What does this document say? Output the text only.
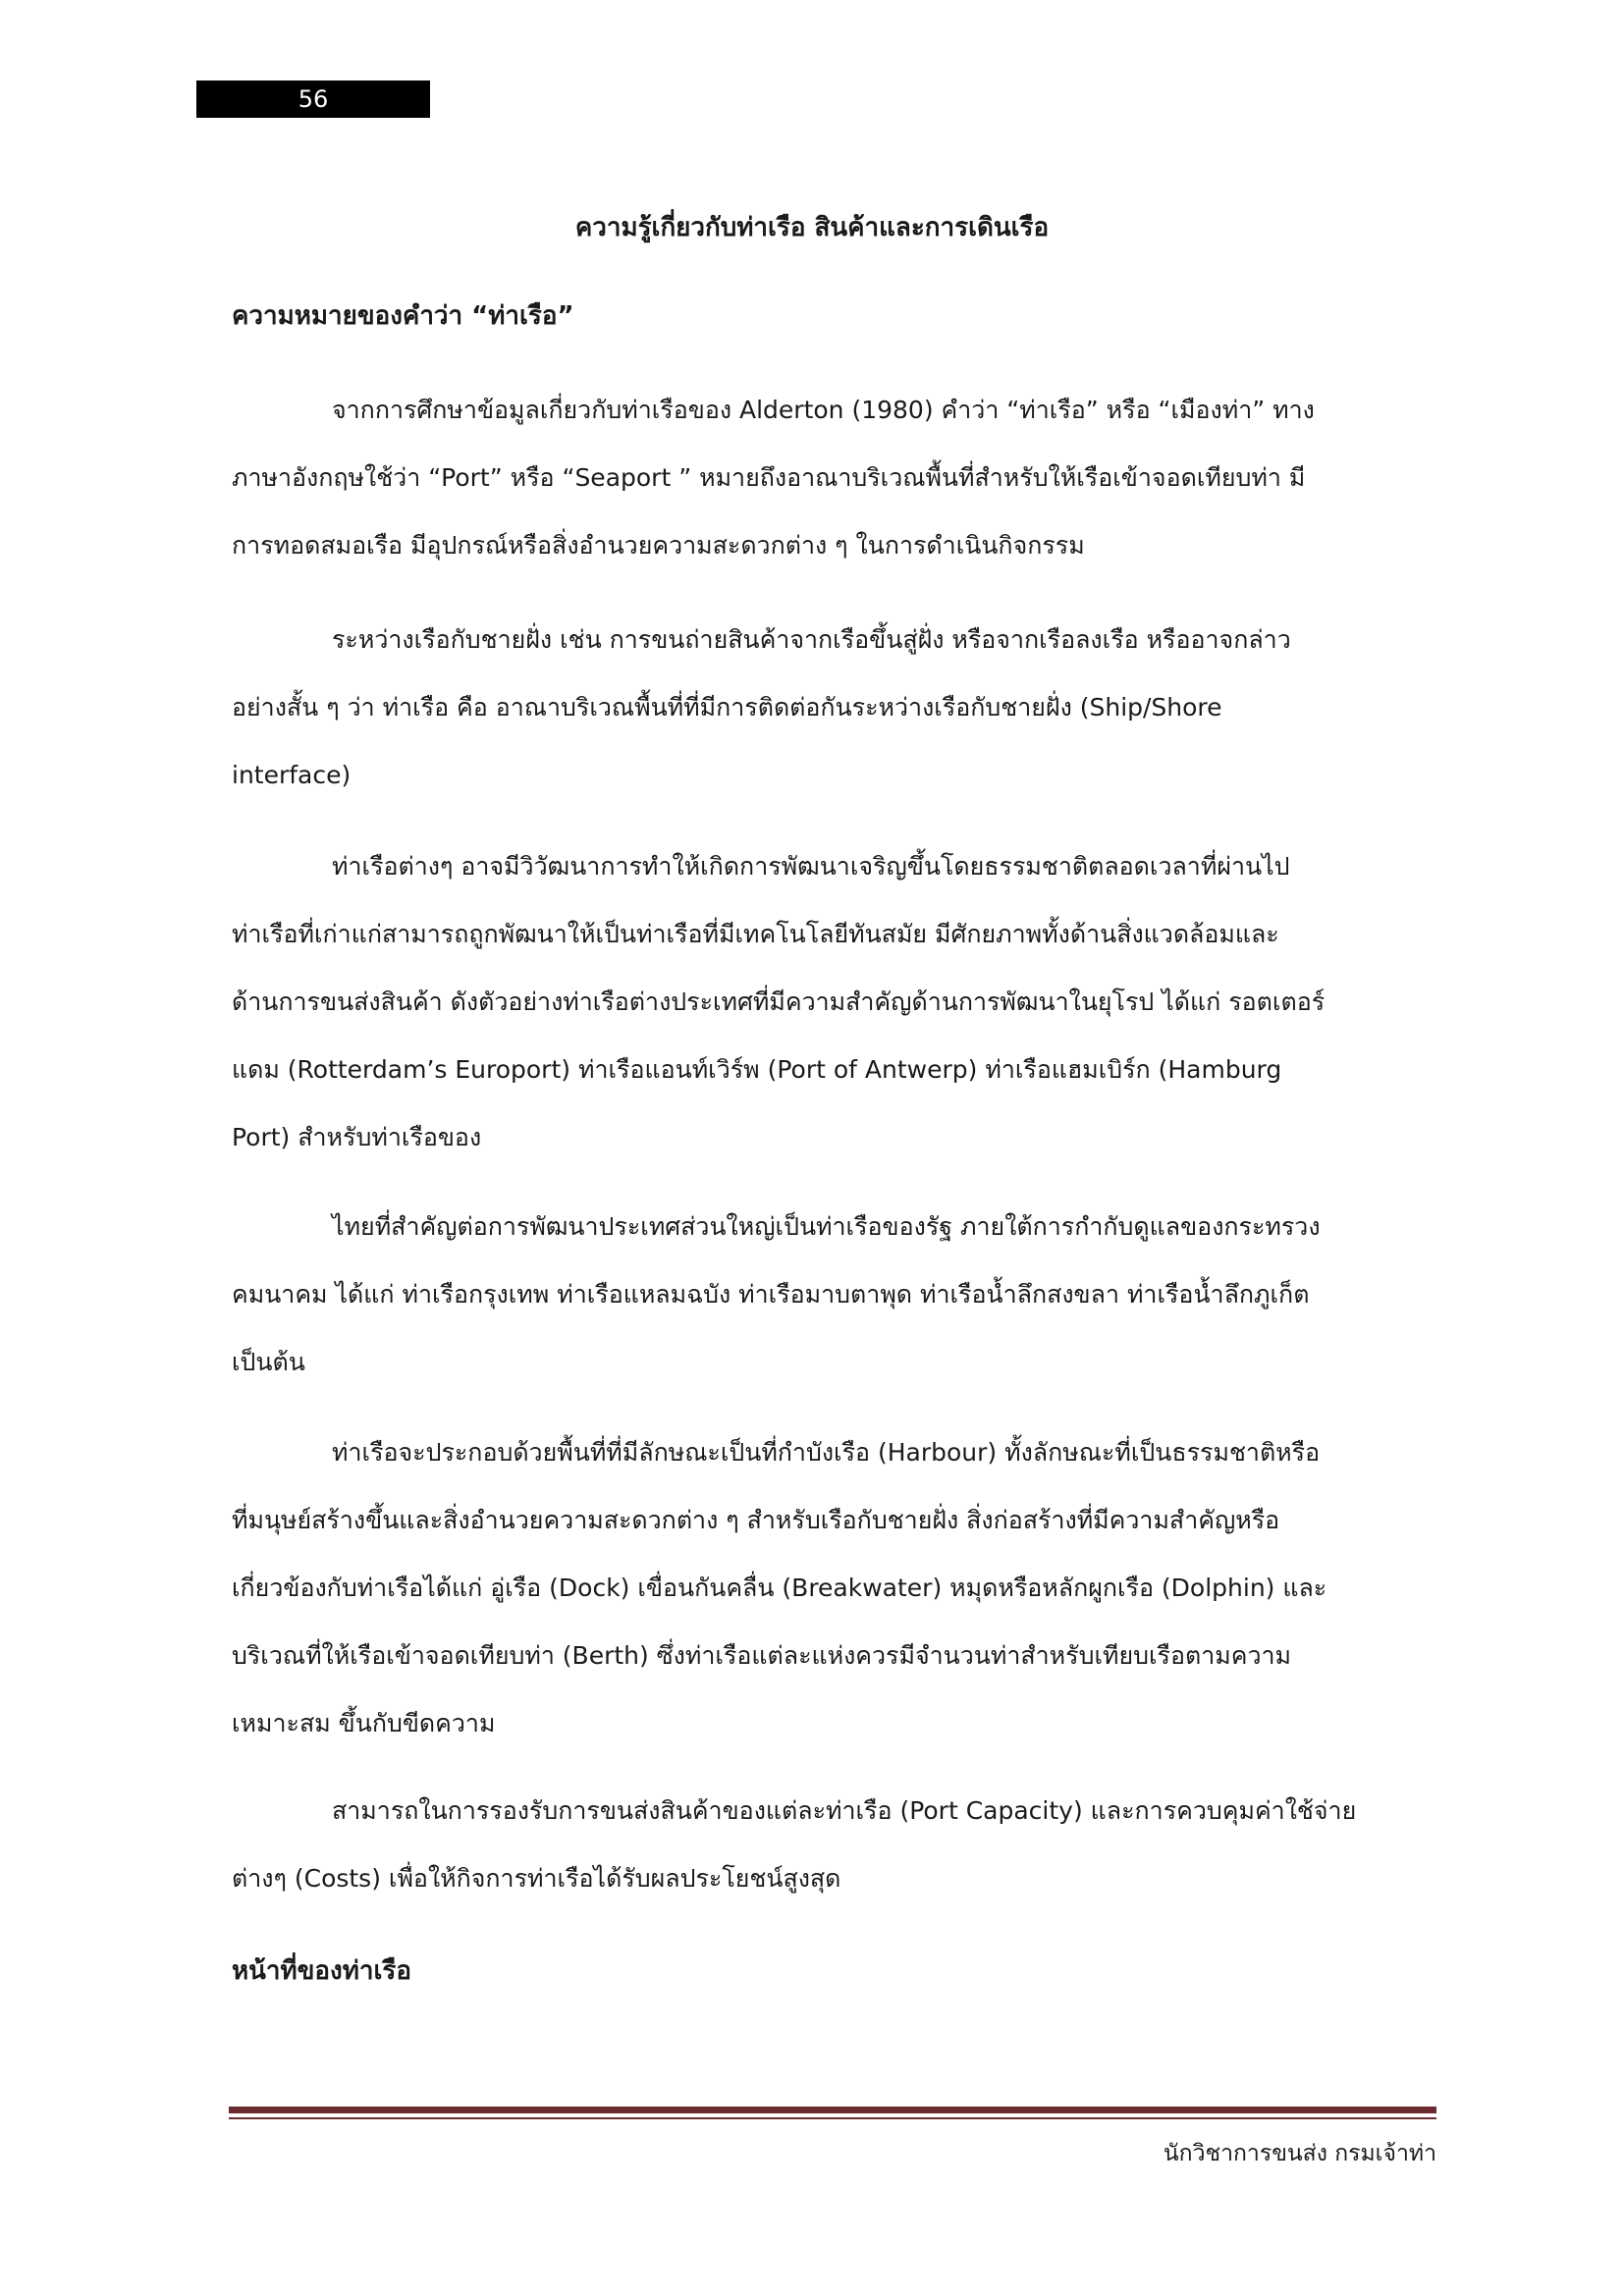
56
ความรู้เกี่ยวกับท่าเรือ สินค้าและการเดินเรือ
ความหมายของคำว่า “ท่าเรือ”
จากการศึกษาข้อมูลเกี่ยวกับท่าเรือของ Alderton (1980) คำว่า “ท่าเรือ” หรือ “เมืองท่า” ทาง
ภาษาอังกฤษใช้ว่า “Port” หรือ “Seaport ” หมายถึงอาณาบริเวณพื้นที่สำหรับให้เรือเข้าจอดเทียบท่า มี
การทอดสมอเรือ มีอุปกรณ์หรือสิ่งอำนวยความสะดวกต่าง ๆ ในการดำเนินกิจกรรม
ระหว่างเรือกับชายฝั่ง เช่น การขนถ่ายสินค้าจากเรือขึ้นสู่ฝั่ง หรือจากเรือลงเรือ หรืออาจกล่าว
อย่างสั้น ๆ ว่า ท่าเรือ คือ อาณาบริเวณพื้นที่ที่มีการติดต่อกันระหว่างเรือกับชายฝั่ง (Ship/Shore
interface)
ท่าเรือต่างๆ อาจมีวิวัฒนาการทำให้เกิดการพัฒนาเจริญขึ้นโดยธรรมชาติตลอดเวลาที่ผ่านไป
ท่าเรือที่เก่าแก่สามารถถูกพัฒนาให้เป็นท่าเรือที่มีเทคโนโลยีทันสมัย มีศักยภาพทั้งด้านสิ่งแวดล้อมและ
ด้านการขนส่งสินค้า ดังตัวอย่างท่าเรือต่างประเทศที่มีความสำคัญด้านการพัฒนาในยุโรป ได้แก่ รอตเตอร์
แดม (Rotterdam’s Europort) ท่าเรือแอนท์เวิร์พ (Port of Antwerp) ท่าเรือแฮมเบิร์ก (Hamburg
Port) สำหรับท่าเรือของ
ไทยที่สำคัญต่อการพัฒนาประเทศส่วนใหญ่เป็นท่าเรือของรัฐ ภายใต้การกำกับดูแลของกระทรวง
คมนาคม ได้แก่ ท่าเรือกรุงเทพ ท่าเรือแหลมฉบัง ท่าเรือมาบตาพุด ท่าเรือน้ำลึกสงขลา ท่าเรือน้ำลึกภูเก็ต
เป็นต้น
ท่าเรือจะประกอบด้วยพื้นที่ที่มีลักษณะเป็นที่กำบังเรือ (Harbour) ทั้งลักษณะที่เป็นธรรมชาติหรือ
ที่มนุษย์สร้างขึ้นและสิ่งอำนวยความสะดวกต่าง ๆ สำหรับเรือกับชายฝั่ง สิ่งก่อสร้างที่มีความสำคัญหรือ
เกี่ยวข้องกับท่าเรือได้แก่ อู่เรือ (Dock) เขื่อนกันคลื่น (Breakwater) หมุดหรือหลักผูกเรือ (Dolphin) และ
บริเวณที่ให้เรือเข้าจอดเทียบท่า (Berth) ซึ่งท่าเรือแต่ละแห่งควรมีจำนวนท่าสำหรับเทียบเรือตามความ
เหมาะสม ขึ้นกับขีดความ
สามารถในการรองรับการขนส่งสินค้าของแต่ละท่าเรือ (Port Capacity) และการควบคุมค่าใช้จ่าย
ต่างๆ (Costs) เพื่อให้กิจการท่าเรือได้รับผลประโยชน์สูงสุด
หน้าที่ของท่าเรือ
นักวิชาการขนส่ง กรมเจ้าท่า
